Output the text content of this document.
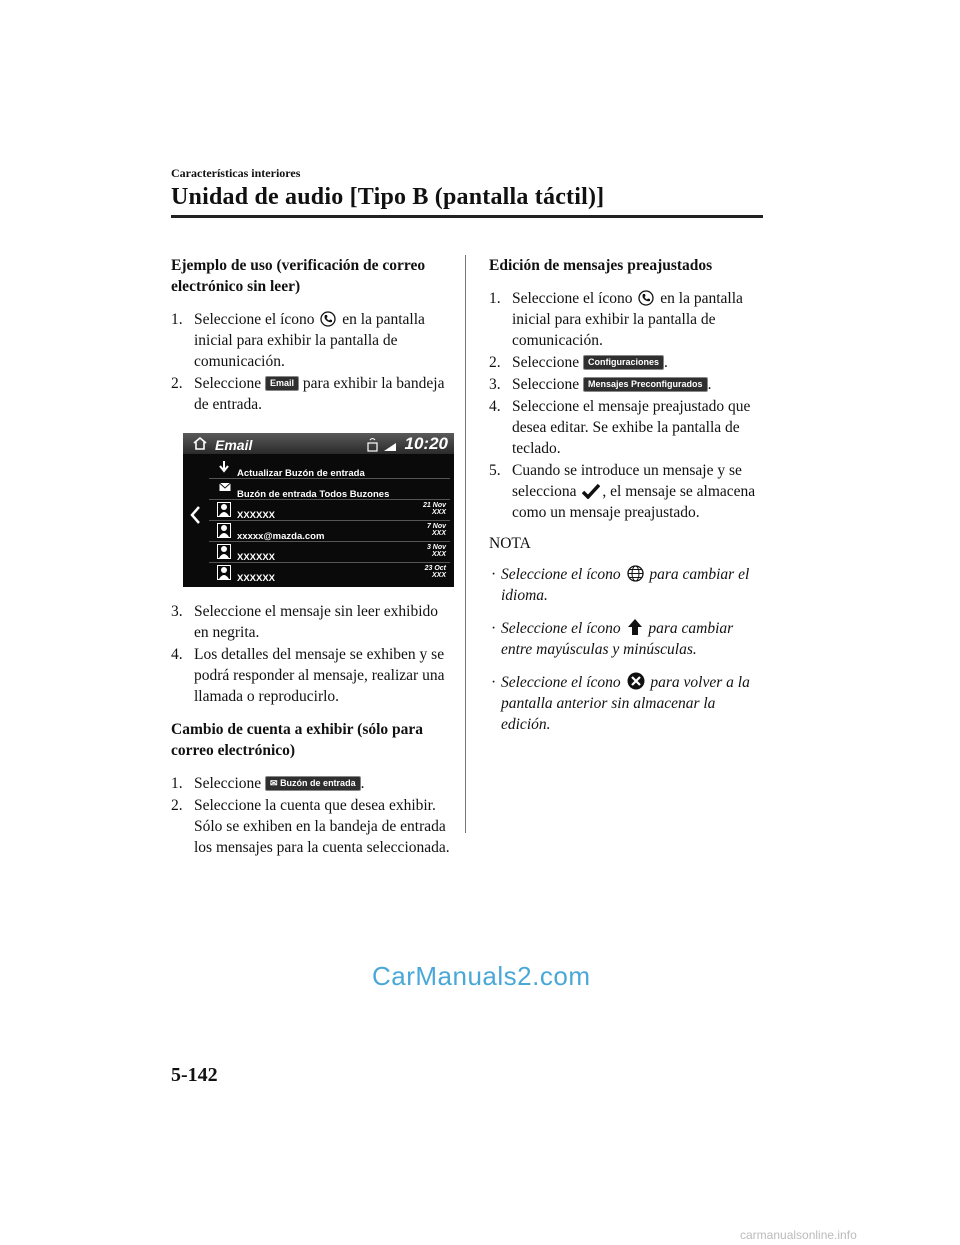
Características interiores
Unidad de audio [Tipo B (pantalla táctil)]
Ejemplo de uso (verificación de correo electrónico sin leer)
1. Seleccione el ícono en la pantalla inicial para exhibir la pantalla de comunicación.
2. Seleccione Email para exhibir la bandeja de entrada.
Email	10:20
Actualizar Buzón de entrada
Buzón de entrada Todos Buzones
XXXXXX
21 Nov
XXX
xxxxx@mazda.com
7 Nov
XXX
XXXXXX
3 Nov
XXX
XXXXXX
23 Oct
XXX
3. Seleccione el mensaje sin leer exhibido en negrita.
4. Los detalles del mensaje se exhiben y se podrá responder al mensaje, realizar una llamada o reproducirlo.
Cambio de cuenta a exhibir (sólo para correo electrónico)
1. Seleccione ✉ Buzón de entrada .
2. Seleccione la cuenta que desea exhibir. Sólo se exhiben en la bandeja de entrada los mensajes para la cuenta seleccionada.
Edición de mensajes preajustados
1. Seleccione el ícono en la pantalla inicial para exhibir la pantalla de comunicación.
2. Seleccione Configuraciones .
3. Seleccione Mensajes Preconfigurados .
4. Seleccione el mensaje preajustado que desea editar. Se exhibe la pantalla de teclado.
5. Cuando se introduce un mensaje y se selecciona , el mensaje se almacena como un mensaje preajustado.
NOTA
· Seleccione el ícono para cambiar el idioma.
· Seleccione el ícono para cambiar entre mayúsculas y minúsculas.
· Seleccione el ícono para volver a la pantalla anterior sin almacenar la edición.
CarManuals2.com
5-142
carmanualsonline.info
